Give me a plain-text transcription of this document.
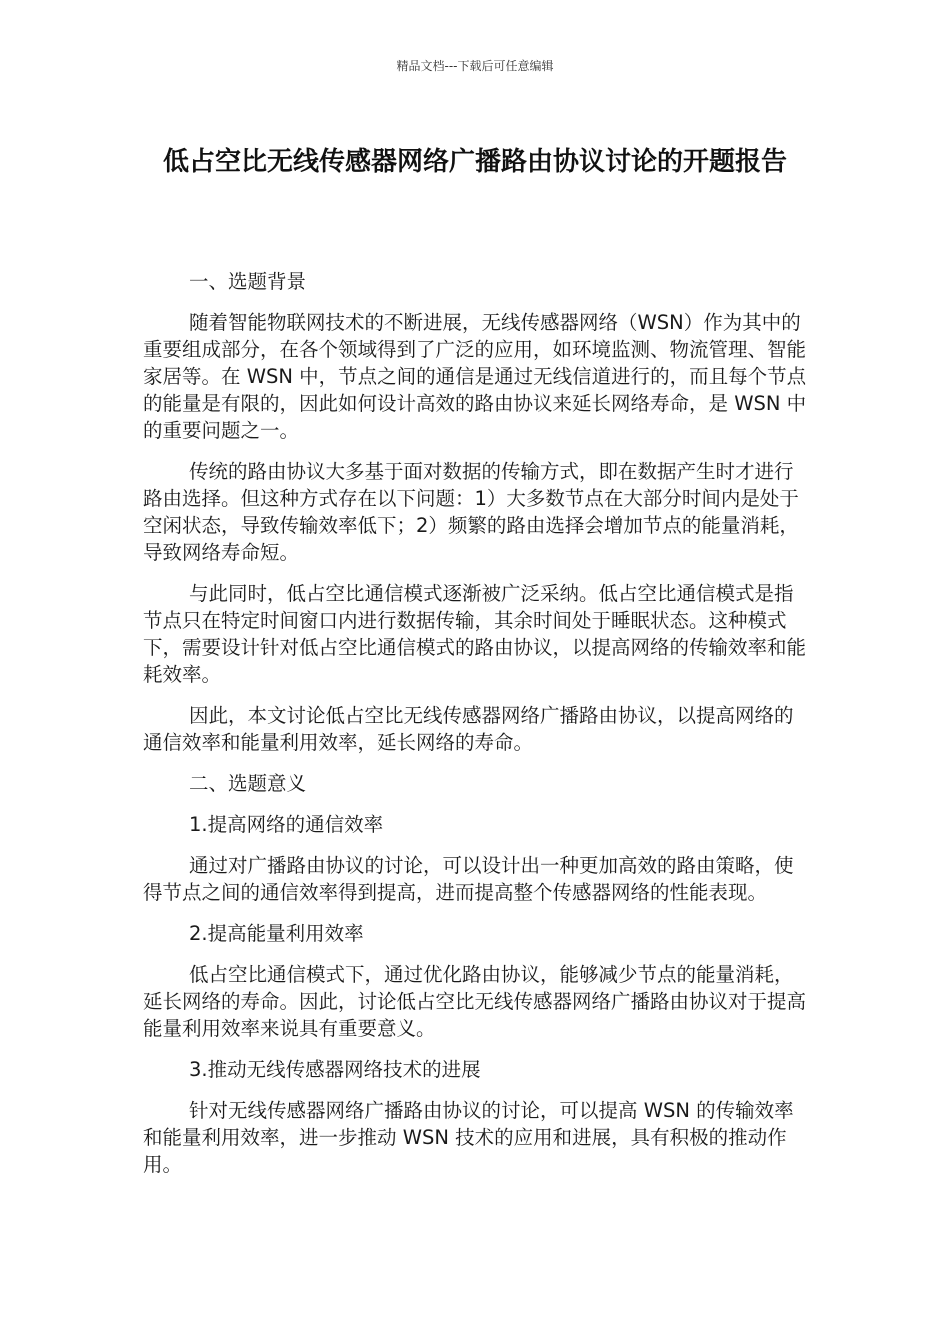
精品文档---下载后可任意编辑
低占空比无线传感器网络广播路由协议讨论的开题报告

一、选题背景

随着智能物联网技术的不断进展，无线传感器网络（WSN）作为其中的重要组成部分，在各个领域得到了广泛的应用，如环境监测、物流管理、智能家居等。在 WSN 中，节点之间的通信是通过无线信道进行的，而且每个节点的能量是有限的，因此如何设计高效的路由协议来延长网络寿命，是 WSN 中的重要问题之一。

传统的路由协议大多基于面对数据的传输方式，即在数据产生时才进行路由选择。但这种方式存在以下问题：1）大多数节点在大部分时间内是处于空闲状态，导致传输效率低下；2）频繁的路由选择会增加节点的能量消耗，导致网络寿命短。

与此同时，低占空比通信模式逐渐被广泛采纳。低占空比通信模式是指节点只在特定时间窗口内进行数据传输，其余时间处于睡眠状态。这种模式下，需要设计针对低占空比通信模式的路由协议，以提高网络的传输效率和能耗效率。

因此，本文讨论低占空比无线传感器网络广播路由协议，以提高网络的通信效率和能量利用效率，延长网络的寿命。

二、选题意义

1.提高网络的通信效率

通过对广播路由协议的讨论，可以设计出一种更加高效的路由策略，使得节点之间的通信效率得到提高，进而提高整个传感器网络的性能表现。

2.提高能量利用效率

低占空比通信模式下，通过优化路由协议，能够减少节点的能量消耗，延长网络的寿命。因此，讨论低占空比无线传感器网络广播路由协议对于提高能量利用效率来说具有重要意义。

3.推动无线传感器网络技术的进展

针对无线传感器网络广播路由协议的讨论，可以提高 WSN 的传输效率和能量利用效率，进一步推动 WSN 技术的应用和进展，具有积极的推动作用。
